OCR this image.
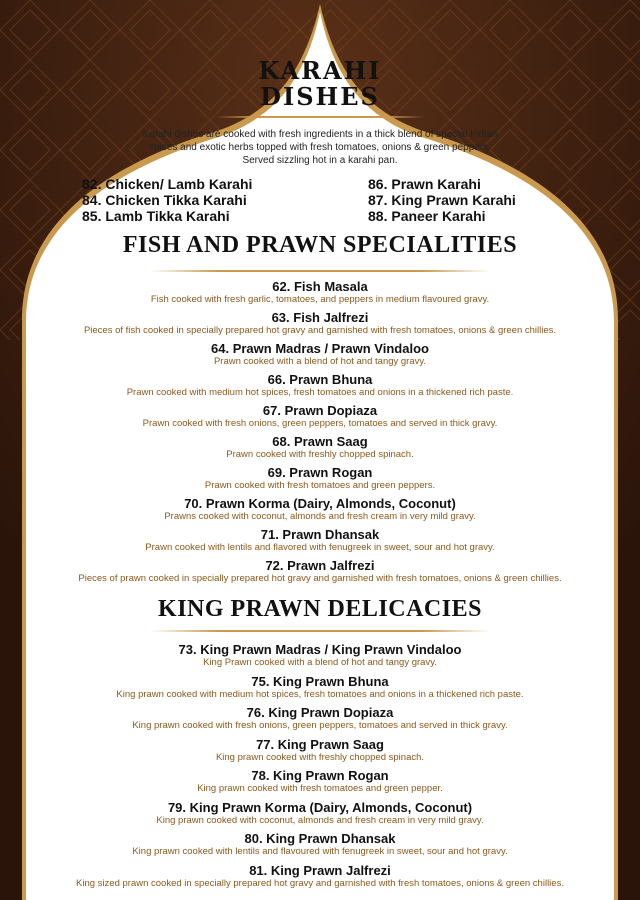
KARAHI
DISHES
Karahi dishes are cooked with fresh ingredients in a thick blend of special Indian spices and exotic herbs topped with fresh tomatoes, onions & green peppers. Served sizzling hot in a karahi pan.
82. Chicken/ Lamb Karahi
84. Chicken Tikka Karahi
85. Lamb Tikka Karahi
86. Prawn Karahi
87. King Prawn Karahi
88. Paneer Karahi
FISH AND PRAWN SPECIALITIES
62. Fish Masala
Fish cooked with fresh garlic, tomatoes, and peppers in medium flavoured gravy.
63. Fish Jalfrezi
Pieces of fish cooked in specially prepared hot gravy and garnished with fresh tomatoes, onions & green chillies.
64. Prawn Madras / Prawn Vindaloo
Prawn cooked with a blend of hot and tangy gravy.
66. Prawn Bhuna
Prawn cooked with medium hot spices, fresh tomatoes and onions in a thickened rich paste.
67. Prawn Dopiaza
Prawn cooked with fresh onions, green peppers, tomatoes and served in thick gravy.
68. Prawn Saag
Prawn cooked with freshly chopped spinach.
69. Prawn Rogan
Prawn cooked with fresh tomatoes and green peppers.
70. Prawn Korma (Dairy, Almonds, Coconut)
Prawns cooked with coconut, almonds and fresh cream in very mild gravy.
71. Prawn Dhansak
Prawn cooked with lentils and flavored with fenugreek in sweet, sour and hot gravy.
72. Prawn Jalfrezi
Pieces of prawn cooked in specially prepared hot gravy and garnished with fresh tomatoes, onions & green chillies.
KING PRAWN DELICACIES
73. King Prawn Madras / King Prawn Vindaloo
King Prawn cooked with a blend of hot and tangy gravy.
75. King Prawn Bhuna
King prawn cooked with medium hot spices, fresh tomatoes and onions in a thickened rich paste.
76. King Prawn Dopiaza
King prawn cooked with fresh onions, green peppers, tomatoes and served in thick gravy.
77. King Prawn Saag
King prawn cooked with freshly chopped spinach.
78. King Prawn Rogan
King prawn cooked with fresh tomatoes and green pepper.
79. King Prawn Korma (Dairy, Almonds, Coconut)
King prawn cooked with coconut, almonds and fresh cream in very mild gravy.
80. King Prawn Dhansak
King prawn cooked with lentils and flavoured with fenugreek in sweet, sour and hot gravy.
81. King Prawn Jalfrezi
King sized prawn cooked in specially prepared hot gravy and garnished with fresh tomatoes, onions & green chillies.
